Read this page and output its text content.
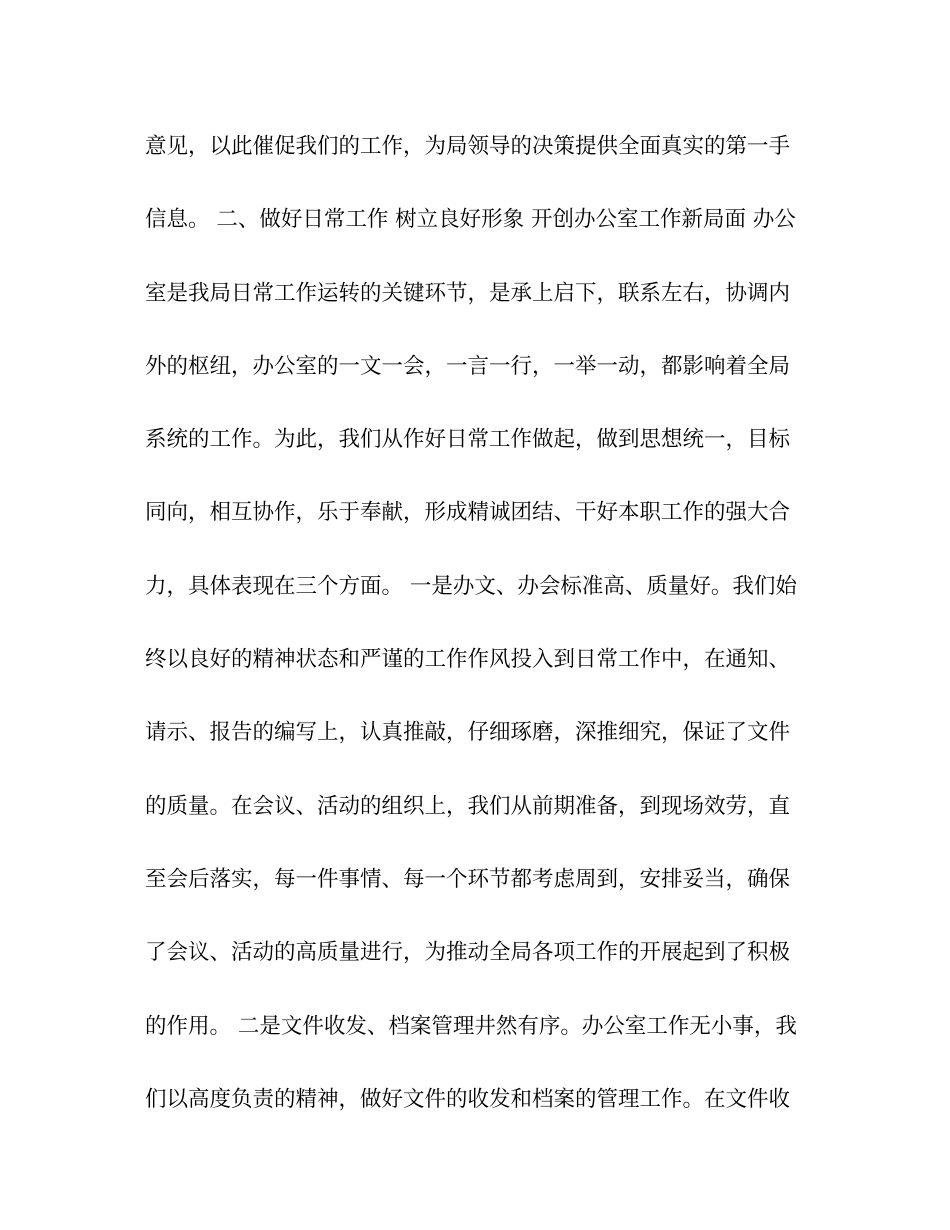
意见，以此催促我们的工作，为局领导的决策提供全面真实的第一手
信息。 二、做好日常工作 树立良好形象 开创办公室工作新局面 办公
室是我局日常工作运转的关键环节，是承上启下，联系左右，协调内
外的枢纽，办公室的一文一会，一言一行，一举一动，都影响着全局
系统的工作。为此，我们从作好日常工作做起，做到思想统一，目标
同向，相互协作，乐于奉献，形成精诚团结、干好本职工作的强大合
力，具体表现在三个方面。 一是办文、办会标准高、质量好。我们始
终以良好的精神状态和严谨的工作作风投入到日常工作中，在通知、
请示、报告的编写上，认真推敲，仔细琢磨，深推细究，保证了文件
的质量。在会议、活动的组织上，我们从前期准备，到现场效劳，直
至会后落实，每一件事情、每一个环节都考虑周到，安排妥当，确保
了会议、活动的高质量进行，为推动全局各项工作的开展起到了积极
的作用。 二是文件收发、档案管理井然有序。办公室工作无小事，我
们以高度负责的精神，做好文件的收发和档案的管理工作。在文件收
